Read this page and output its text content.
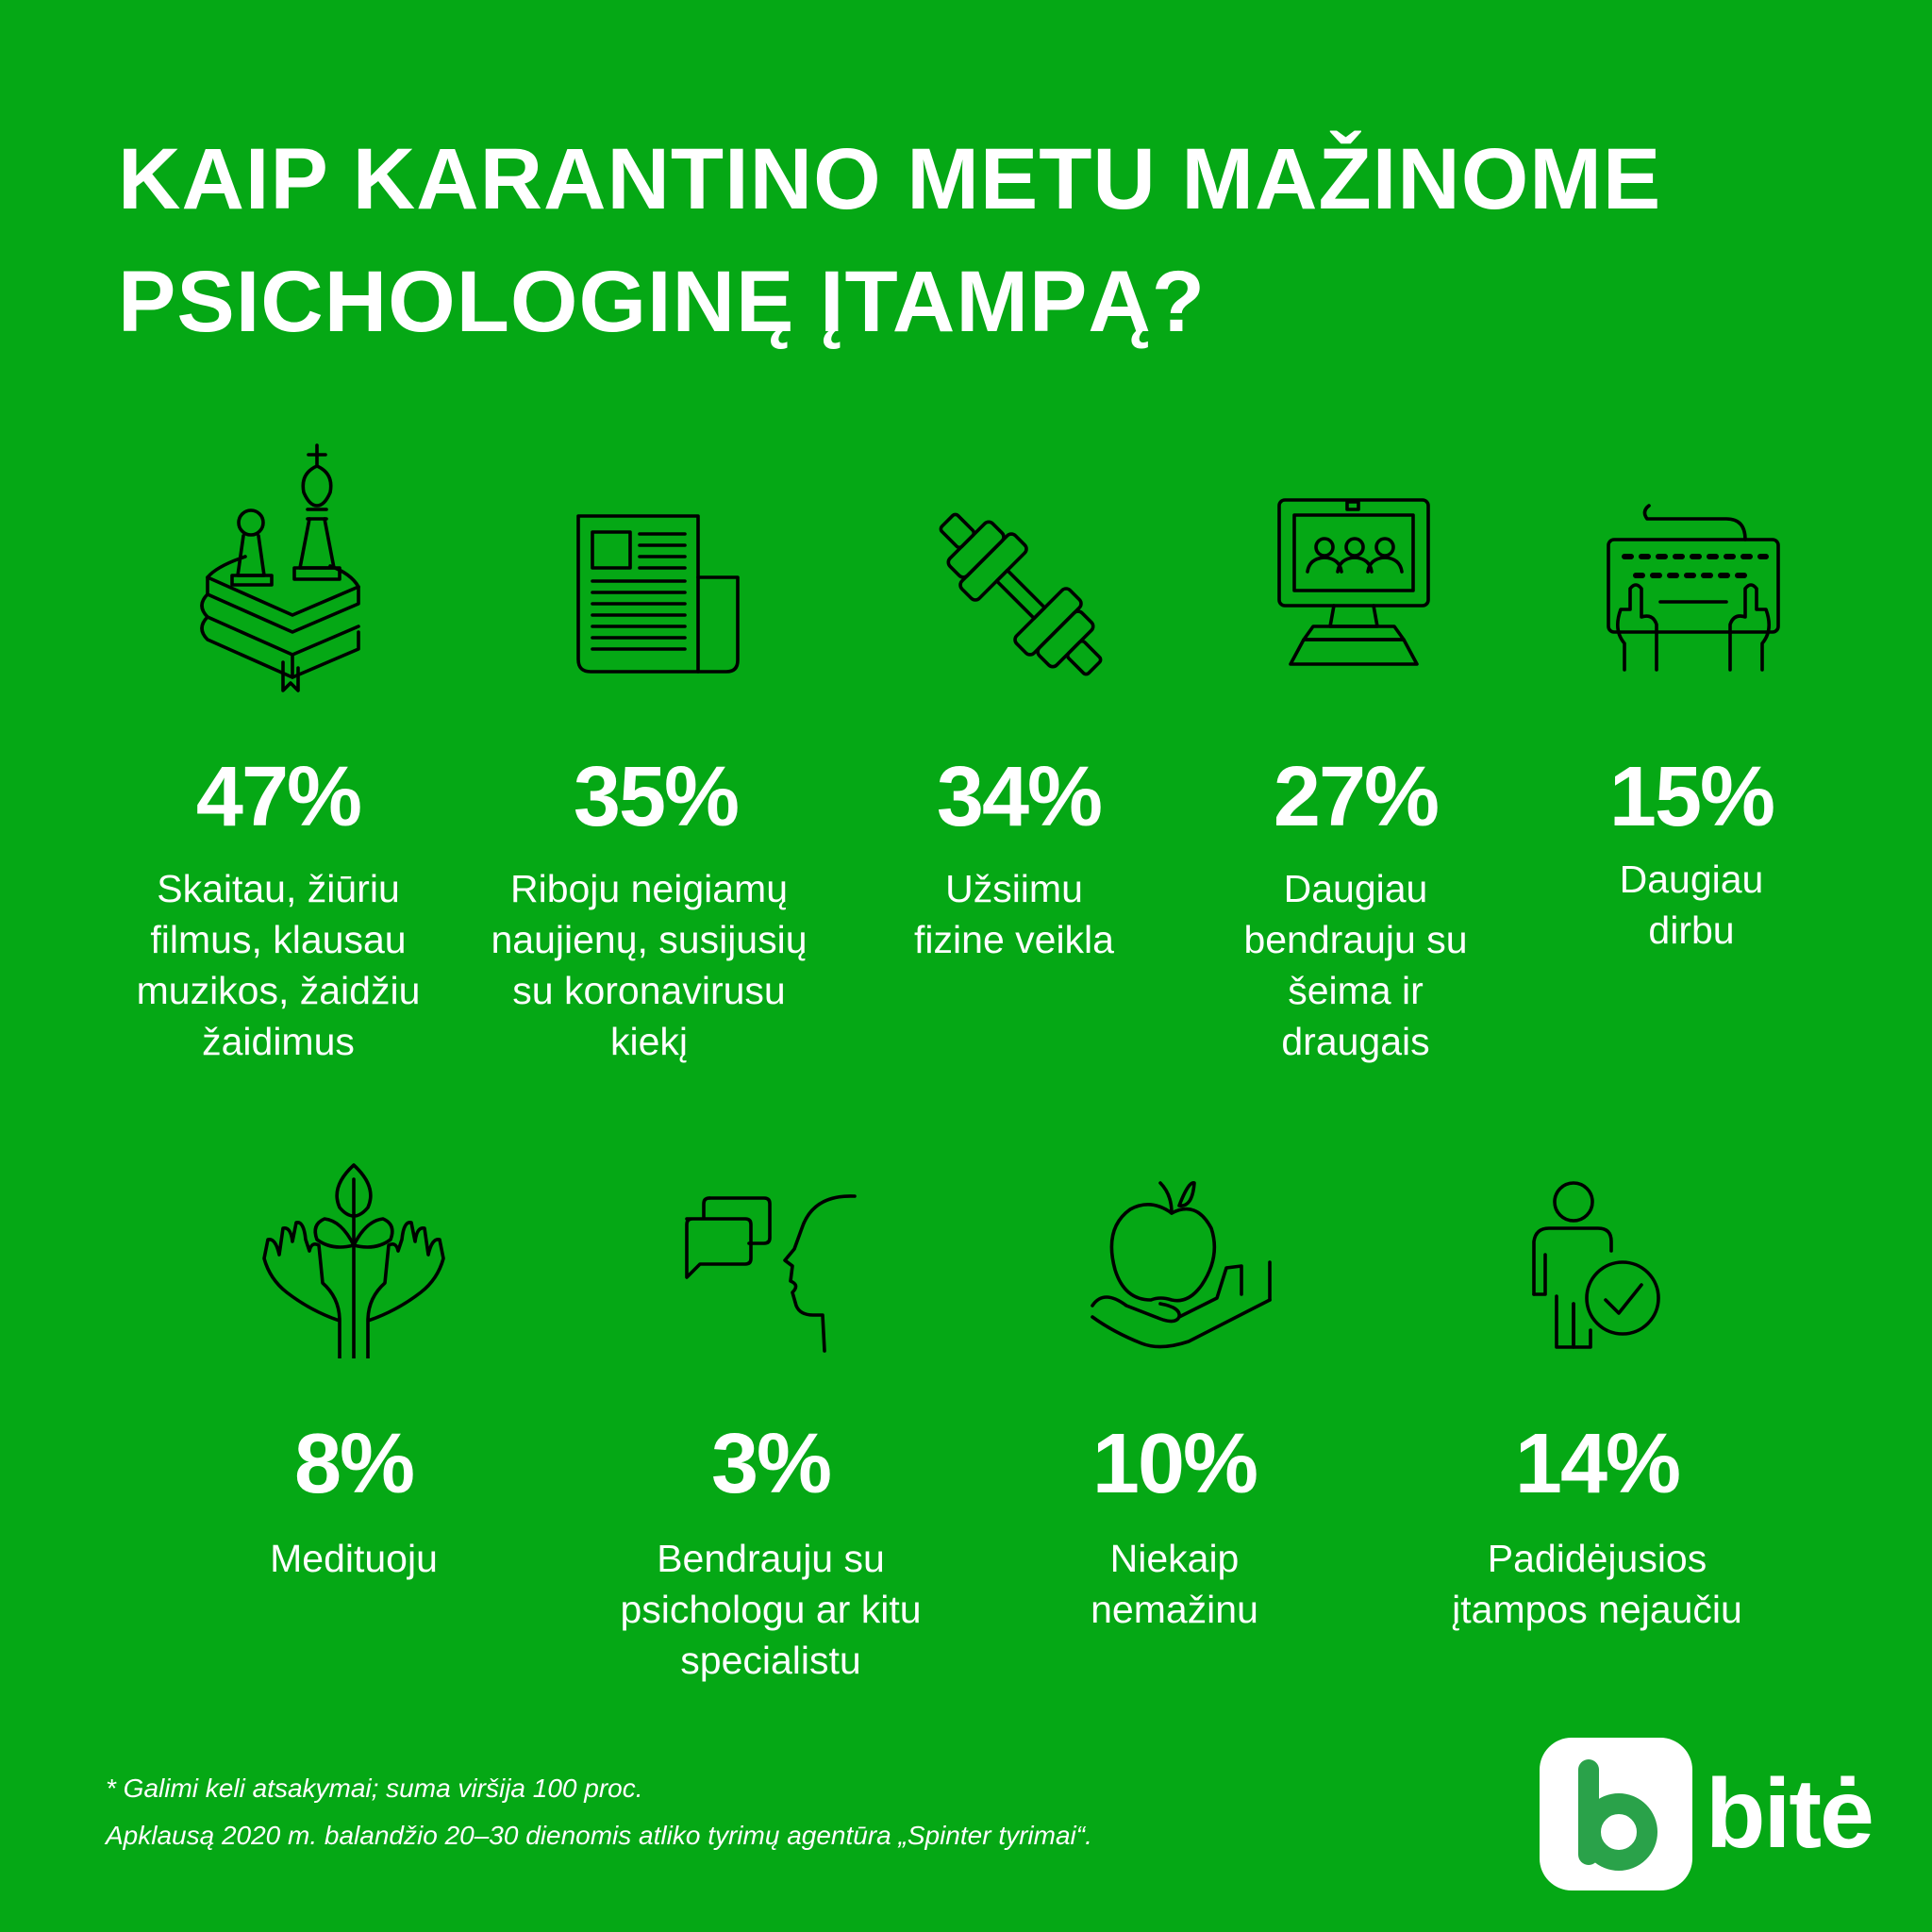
KAIP KARANTINO METU MAŽINOME
PSICHOLOGINĘ ĮTAMPĄ?
47%
Skaitau, žiūriu
filmus, klausau
muzikos, žaidžiu
žaidimus
35%
Riboju neigiamų
naujienų, susijusių
su koronavirusu
kiekį
34%
Užsiimu
fizine veikla
27%
Daugiau
bendrauju su
šeima ir
draugais
15%
Daugiau
dirbu
8%
Medituoju
3%
Bendrauju su
psichologu ar kitu
specialistu
10%
Niekaip
nemažinu
14%
Padidėjusios
įtampos nejaučiu
* Galimi keli atsakymai; suma viršija 100 proc.
Apklausą 2020 m. balandžio 20–30 dienomis atliko tyrimų agentūra „Spinter tyrimai“.	bitė
